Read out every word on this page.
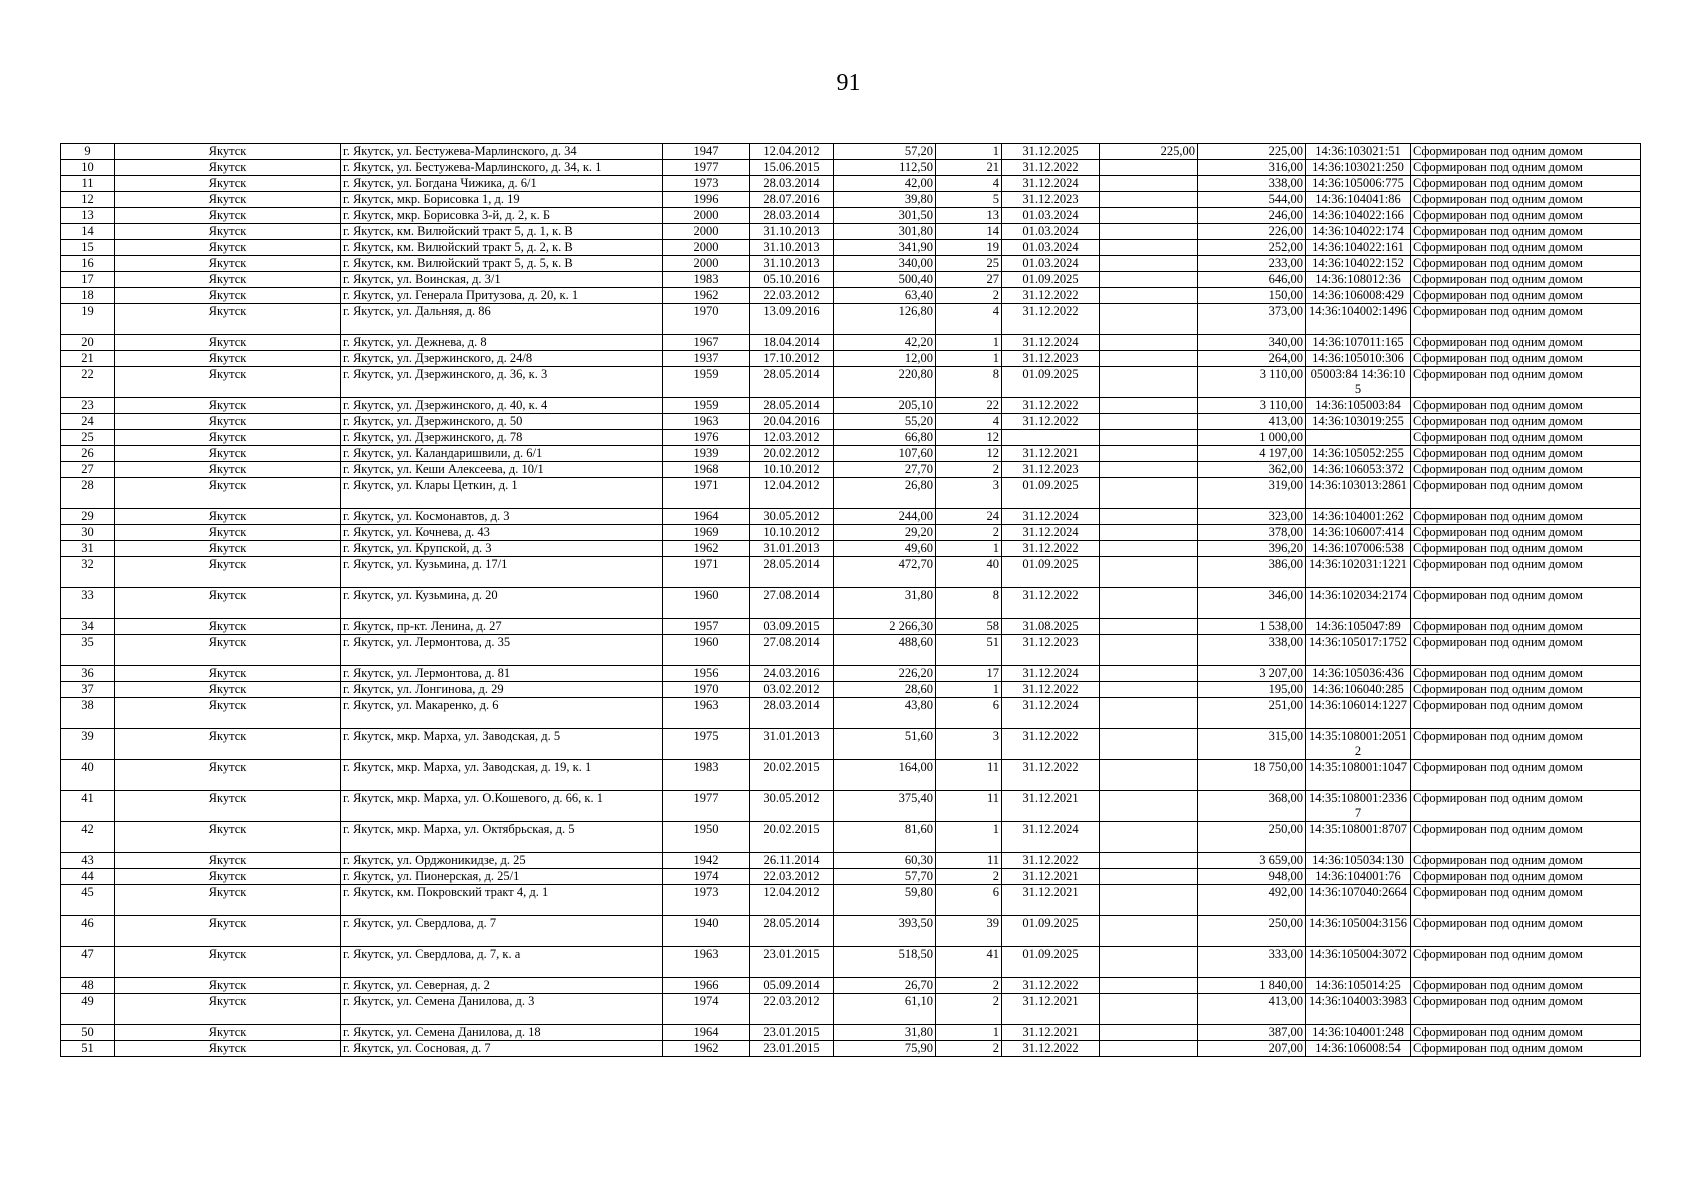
91
9	Якутск	г. Якутск, ул. Бестужева-Марлинского, д. 34	1947	12.04.2012	57,20	1	31.12.2025	225,00	225,00	14:36:103021:51	Сформирован под одним домом
10	Якутск	г. Якутск, ул. Бестужева-Марлинского, д. 34, к. 1	1977	15.06.2015	112,50	21	31.12.2022		316,00	14:36:103021:250	Сформирован под одним домом
11	Якутск	г. Якутск, ул. Богдана Чижика, д. 6/1	1973	28.03.2014	42,00	4	31.12.2024		338,00	14:36:105006:775	Сформирован под одним домом
12	Якутск	г. Якутск, мкр. Борисовка 1, д. 19	1996	28.07.2016	39,80	5	31.12.2023		544,00	14:36:104041:86	Сформирован под одним домом
13	Якутск	г. Якутск, мкр. Борисовка 3-й, д. 2, к. Б	2000	28.03.2014	301,50	13	01.03.2024		246,00	14:36:104022:166	Сформирован под одним домом
14	Якутск	г. Якутск, км. Вилюйский тракт 5, д. 1, к. В	2000	31.10.2013	301,80	14	01.03.2024		226,00	14:36:104022:174	Сформирован под одним домом
15	Якутск	г. Якутск, км. Вилюйский тракт 5, д. 2, к. В	2000	31.10.2013	341,90	19	01.03.2024		252,00	14:36:104022:161	Сформирован под одним домом
16	Якутск	г. Якутск, км. Вилюйский тракт 5, д. 5, к. В	2000	31.10.2013	340,00	25	01.03.2024		233,00	14:36:104022:152	Сформирован под одним домом
17	Якутск	г. Якутск, ул. Воинская, д. 3/1	1983	05.10.2016	500,40	27	01.09.2025		646,00	14:36:108012:36	Сформирован под одним домом
18	Якутск	г. Якутск, ул. Генерала Притузова, д. 20, к. 1	1962	22.03.2012	63,40	2	31.12.2022		150,00	14:36:106008:429	Сформирован под одним домом
19	Якутск	г. Якутск, ул. Дальняя, д. 86	1970	13.09.2016	126,80	4	31.12.2022		373,00	14:36:104002:1496	Сформирован под одним домом
20	Якутск	г. Якутск, ул. Дежнева, д. 8	1967	18.04.2014	42,20	1	31.12.2024		340,00	14:36:107011:165	Сформирован под одним домом
21	Якутск	г. Якутск, ул. Дзержинского, д. 24/8	1937	17.10.2012	12,00	1	31.12.2023		264,00	14:36:105010:306	Сформирован под одним домом
22	Якутск	г. Якутск, ул. Дзержинского, д. 36, к. 3	1959	28.05.2014	220,80	8	01.09.2025		3 110,00	05003:84 14:36:105	Сформирован под одним домом
23	Якутск	г. Якутск, ул. Дзержинского, д. 40, к. 4	1959	28.05.2014	205,10	22	31.12.2022		3 110,00	14:36:105003:84	Сформирован под одним домом
24	Якутск	г. Якутск, ул. Дзержинского, д. 50	1963	20.04.2016	55,20	4	31.12.2022		413,00	14:36:103019:255	Сформирован под одним домом
25	Якутск	г. Якутск, ул. Дзержинского, д. 78	1976	12.03.2012	66,80	12			1 000,00		Сформирован под одним домом
26	Якутск	г. Якутск, ул. Каландаришвили, д. 6/1	1939	20.02.2012	107,60	12	31.12.2021		4 197,00	14:36:105052:255	Сформирован под одним домом
27	Якутск	г. Якутск, ул. Кеши Алексеева, д. 10/1	1968	10.10.2012	27,70	2	31.12.2023		362,00	14:36:106053:372	Сформирован под одним домом
28	Якутск	г. Якутск, ул. Клары Цеткин, д. 1	1971	12.04.2012	26,80	3	01.09.2025		319,00	14:36:103013:2861	Сформирован под одним домом
29	Якутск	г. Якутск, ул. Космонавтов, д. 3	1964	30.05.2012	244,00	24	31.12.2024		323,00	14:36:104001:262	Сформирован под одним домом
30	Якутск	г. Якутск, ул. Кочнева, д. 43	1969	10.10.2012	29,20	2	31.12.2024		378,00	14:36:106007:414	Сформирован под одним домом
31	Якутск	г. Якутск, ул. Крупской, д. 3	1962	31.01.2013	49,60	1	31.12.2022		396,20	14:36:107006:538	Сформирован под одним домом
32	Якутск	г. Якутск, ул. Кузьмина, д. 17/1	1971	28.05.2014	472,70	40	01.09.2025		386,00	14:36:102031:1221	Сформирован под одним домом
33	Якутск	г. Якутск, ул. Кузьмина, д. 20	1960	27.08.2014	31,80	8	31.12.2022		346,00	14:36:102034:2174	Сформирован под одним домом
34	Якутск	г. Якутск, пр-кт. Ленина, д. 27	1957	03.09.2015	2 266,30	58	31.08.2025		1 538,00	14:36:105047:89	Сформирован под одним домом
35	Якутск	г. Якутск, ул. Лермонтова, д. 35	1960	27.08.2014	488,60	51	31.12.2023		338,00	14:36:105017:1752	Сформирован под одним домом
36	Якутск	г. Якутск, ул. Лермонтова, д. 81	1956	24.03.2016	226,20	17	31.12.2024		3 207,00	14:36:105036:436	Сформирован под одним домом
37	Якутск	г. Якутск, ул. Лонгинова, д. 29	1970	03.02.2012	28,60	1	31.12.2022		195,00	14:36:106040:285	Сформирован под одним домом
38	Якутск	г. Якутск, ул. Макаренко, д. 6	1963	28.03.2014	43,80	6	31.12.2024		251,00	14:36:106014:1227	Сформирован под одним домом
39	Якутск	г. Якутск, мкр. Марха, ул. Заводская, д. 5	1975	31.01.2013	51,60	3	31.12.2022		315,00	14:35:108001:20512	Сформирован под одним домом
40	Якутск	г. Якутск, мкр. Марха, ул. Заводская, д. 19, к. 1	1983	20.02.2015	164,00	11	31.12.2022		18 750,00	14:35:108001:1047	Сформирован под одним домом
41	Якутск	г. Якутск, мкр. Марха, ул. О.Кошевого, д. 66, к. 1	1977	30.05.2012	375,40	11	31.12.2021		368,00	14:35:108001:23367	Сформирован под одним домом
42	Якутск	г. Якутск, мкр. Марха, ул. Октябрьская, д. 5	1950	20.02.2015	81,60	1	31.12.2024		250,00	14:35:108001:8707	Сформирован под одним домом
43	Якутск	г. Якутск, ул. Орджоникидзе, д. 25	1942	26.11.2014	60,30	11	31.12.2022		3 659,00	14:36:105034:130	Сформирован под одним домом
44	Якутск	г. Якутск, ул. Пионерская, д. 25/1	1974	22.03.2012	57,70	2	31.12.2021		948,00	14:36:104001:76	Сформирован под одним домом
45	Якутск	г. Якутск, км. Покровский тракт 4, д. 1	1973	12.04.2012	59,80	6	31.12.2021		492,00	14:36:107040:2664	Сформирован под одним домом
46	Якутск	г. Якутск, ул. Свердлова, д. 7	1940	28.05.2014	393,50	39	01.09.2025		250,00	14:36:105004:3156	Сформирован под одним домом
47	Якутск	г. Якутск, ул. Свердлова, д. 7, к. а	1963	23.01.2015	518,50	41	01.09.2025		333,00	14:36:105004:3072	Сформирован под одним домом
48	Якутск	г. Якутск, ул. Северная, д. 2	1966	05.09.2014	26,70	2	31.12.2022		1 840,00	14:36:105014:25	Сформирован под одним домом
49	Якутск	г. Якутск, ул. Семена Данилова, д. 3	1974	22.03.2012	61,10	2	31.12.2021		413,00	14:36:104003:3983	Сформирован под одним домом
50	Якутск	г. Якутск, ул. Семена Данилова, д. 18	1964	23.01.2015	31,80	1	31.12.2021		387,00	14:36:104001:248	Сформирован под одним домом
51	Якутск	г. Якутск, ул. Сосновая, д. 7	1962	23.01.2015	75,90	2	31.12.2022		207,00	14:36:106008:54	Сформирован под одним домом
